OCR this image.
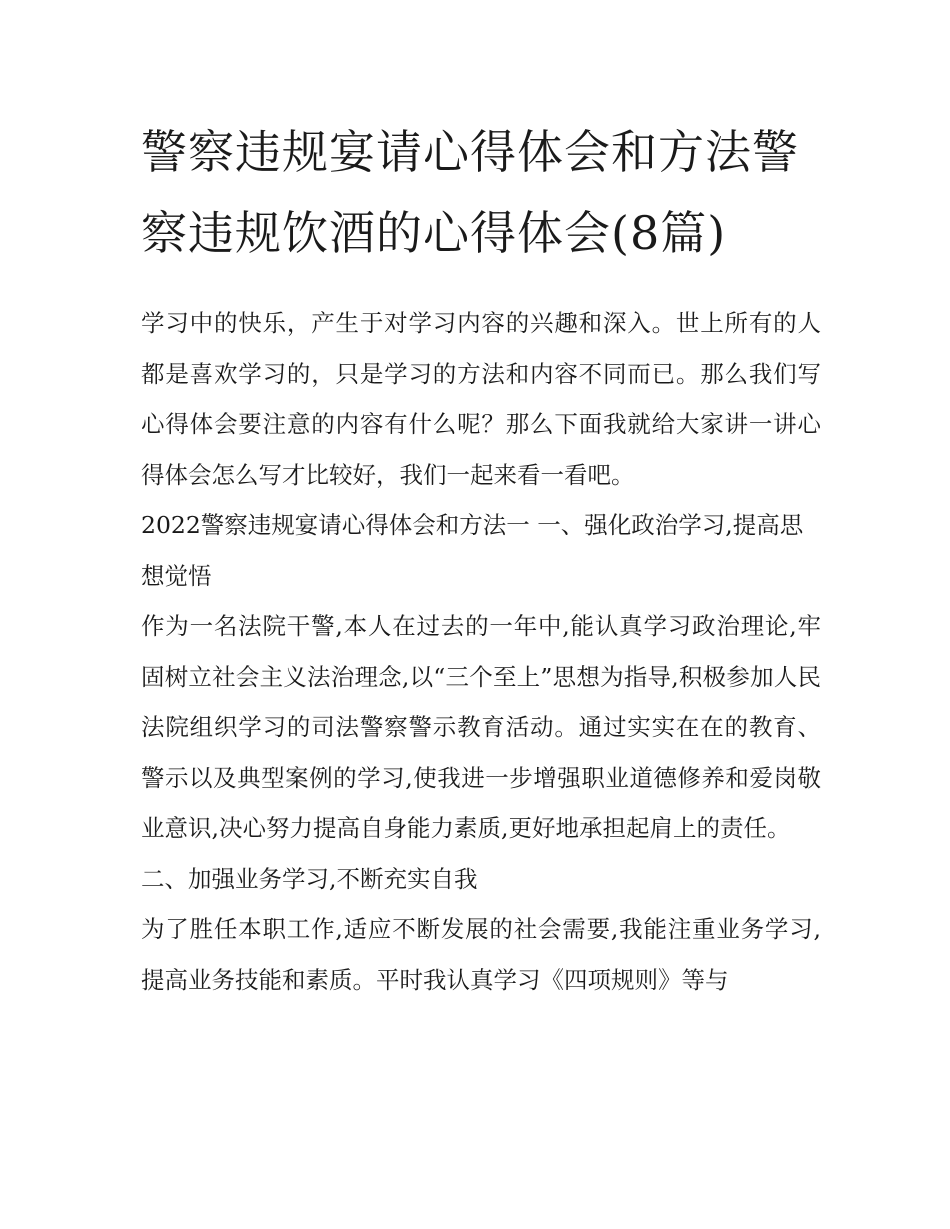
警察违规宴请心得体会和方法警察违规饮酒的心得体会(8篇)

学习中的快乐，产生于对学习内容的兴趣和深入。世上所有的人都是喜欢学习的，只是学习的方法和内容不同而已。那么我们写心得体会要注意的内容有什么呢？那么下面我就给大家讲一讲心得体会怎么写才比较好，我们一起来看一看吧。

2022警察违规宴请心得体会和方法一 一、强化政治学习,提高思想觉悟

作为一名法院干警,本人在过去的一年中,能认真学习政治理论,牢固树立社会主义法治理念,以“三个至上”思想为指导,积极参加人民法院组织学习的司法警察警示教育活动。通过实实在在的教育、警示以及典型案例的学习,使我进一步增强职业道德修养和爱岗敬业意识,决心努力提高自身能力素质,更好地承担起肩上的责任。

二、加强业务学习,不断充实自我

为了胜任本职工作,适应不断发展的社会需要,我能注重业务学习,提高业务技能和素质。平时我认真学习《四项规则》等与
